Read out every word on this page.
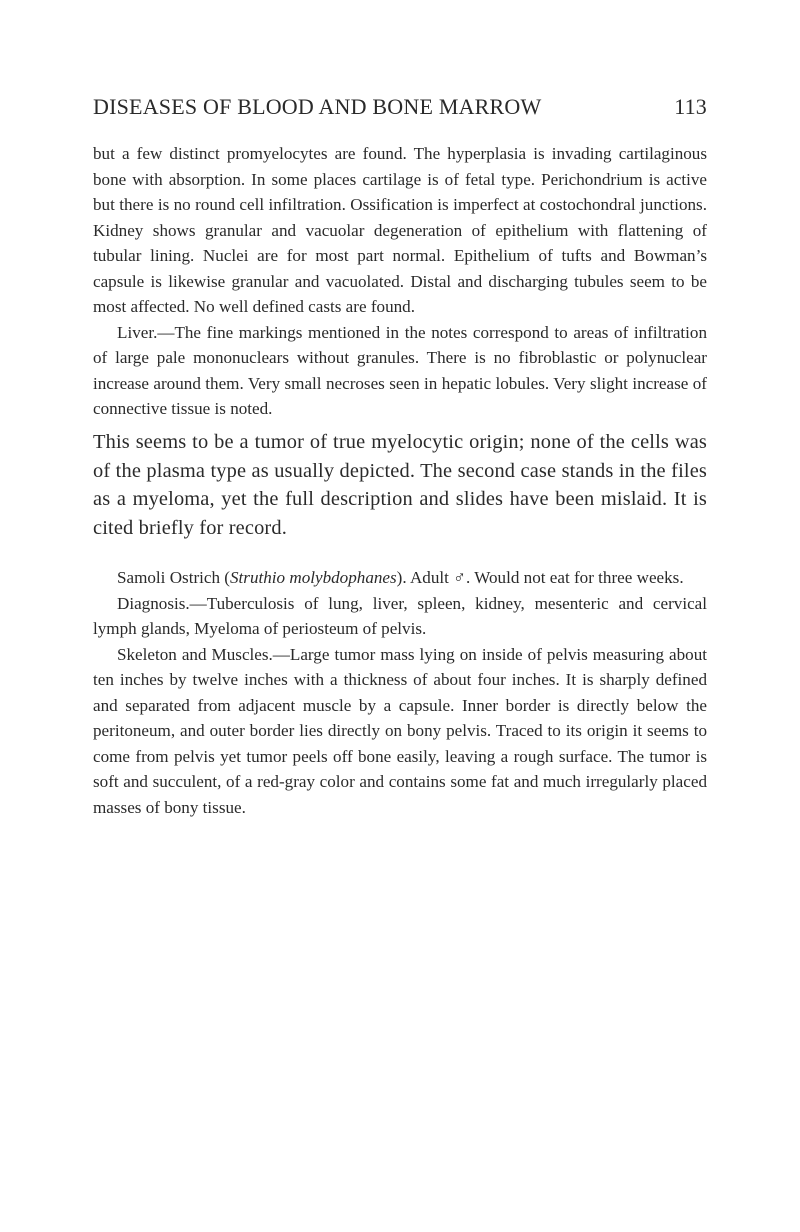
DISEASES OF BLOOD AND BONE MARROW	113

but a few distinct promyelocytes are found. The hyperplasia is invading cartilaginous bone with absorption. In some places cartilage is of fetal type. Perichondrium is active but there is no round cell infiltration. Ossification is imperfect at costochondral junctions. Kidney shows granular and vacuolar degeneration of epithelium with flattening of tubular lining. Nuclei are for most part normal. Epithelium of tufts and Bowman’s capsule is likewise granular and vacuolated. Distal and discharging tubules seem to be most affected. No well defined casts are found.

Liver.—The fine markings mentioned in the notes correspond to areas of infiltration of large pale mononuclears without granules. There is no fibroblastic or polynuclear increase around them. Very small necroses seen in hepatic lobules. Very slight increase of connective tissue is noted.

This seems to be a tumor of true myelocytic origin; none of the cells was of the plasma type as usually depicted. The second case stands in the files as a myeloma, yet the full description and slides have been mislaid. It is cited briefly for record.

Samoli Ostrich (Struthio molybdophanes). Adult ♂. Would not eat for three weeks.

Diagnosis.—Tuberculosis of lung, liver, spleen, kidney, mesenteric and cervical lymph glands, Myeloma of periosteum of pelvis.

Skeleton and Muscles.—Large tumor mass lying on inside of pelvis measuring about ten inches by twelve inches with a thickness of about four inches. It is sharply defined and separated from adjacent muscle by a capsule. Inner border is directly below the peritoneum, and outer border lies directly on bony pelvis. Traced to its origin it seems to come from pelvis yet tumor peels off bone easily, leaving a rough surface. The tumor is soft and succulent, of a red-gray color and contains some fat and much irregularly placed masses of bony tissue.
